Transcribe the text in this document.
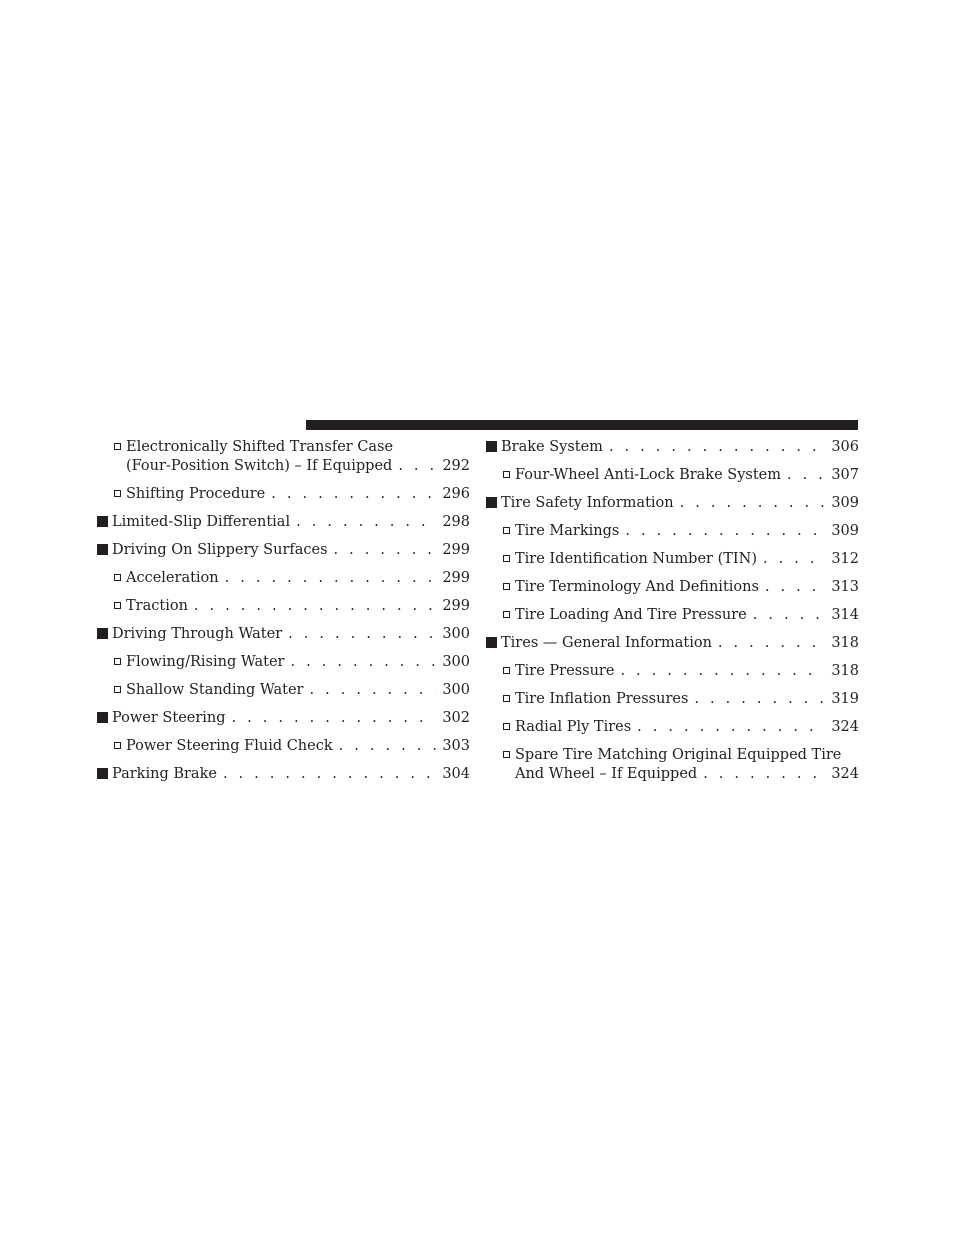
Electronically Shifted Transfer Case
(Four-Position Switch) – If Equipped . . .	292
Shifting Procedure . . .	296
Limited-Slip Differential . . .	298
Driving On Slippery Surfaces . . .	299
Acceleration . . .	299
Traction . . .	299
Driving Through Water . . .	300
Flowing/Rising Water . . .	300
Shallow Standing Water . . .	300
Power Steering . . .	302
Power Steering Fluid Check . . .	303
Parking Brake . . .	304
Brake System . . .	306
Four-Wheel Anti-Lock Brake System . . .	307
Tire Safety Information . . .	309
Tire Markings . . .	309
Tire Identification Number (TIN) . . .	312
Tire Terminology And Definitions . . .	313
Tire Loading And Tire Pressure . . .	314
Tires — General Information . . .	318
Tire Pressure . . .	318
Tire Inflation Pressures . . .	319
Radial Ply Tires . . .	324
Spare Tire Matching Original Equipped Tire
And Wheel – If Equipped . . .	324
